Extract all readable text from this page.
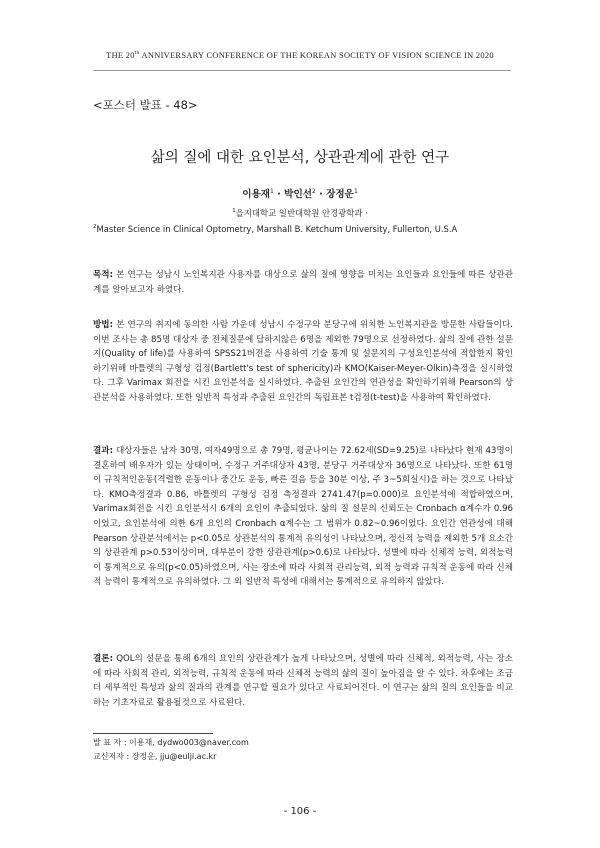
THE 20th ANNIVERSARY CONFERENCE OF THE KOREAN SOCIETY OF VISION SCIENCE IN 2020
<포스터 발표 - 48>
삶의 질에 대한 요인분석, 상관관계에 관한 연구
이용재$^1$ · 박인선$^2$ · 장정운$^1$
$^1$을지대학교 일반대학원 안경광학과 ·
$^2$Master Science in Clinical Optometry, Marshall B. Ketchum University, Fullerton, U.S.A
목적: 본 연구는 성남시 노인복지관 사용자를 대상으로 삶의 질에 영향을 미치는 요인들과 요인들에 따른 상관관계를 알아보고자 하였다.
방법: 본 연구의 취지에 동의한 사람 가운데 성남시 수정구와 분당구에 위치한 노인복지관을 방문한 사람들이다. 이번 조사는 총 85명 대상자 중 전체질문에 답하지않은 6명을 제외한 79명으로 선정하였다. 삶의 질에 관한 설문지(Quality of life)를 사용하여 SPSS21버전을 사용하여 기술 통계 및 설문지의 구성요인분석에 적합한지 확인하기위해 바틀렛의 구형성 검정(Bartlett's test of sphericity)과 KMO(Kaiser-Meyer-Olkin)측정을 실시하였다. 그후 Varimax 회전을 시킨 요인분석을 실시하였다. 추출된 요인간의 연관성을 확인하기위해 Pearson의 상관분석을 사용하였다. 또한 일반적 특성과 추출된 요인간의 독립표본 t검정(t-test)을 사용하여 확인하였다.
결과: 대상자들은 남자 30명, 여자49명으로 총 79명, 평균나이는 72.62세(SD=9.25)로 나타났다 현재 43명이 결혼하여 배우자가 있는 상태이며, 수정구 거주대상자 43명, 분당구 거주대상자 36명으로 나타났다. 또한 61명이 규칙적인운동(격렬한 운동이나 중간도 운동, 빠른 걸음 등을 30분 이상, 주 3~5회실시)을 하는 것으로 나타났다. KMO측정결과 0.86, 바틀렛의 구형성 검정 측정결과 2741.47(p=0.000)로 요인분석에 적합하였으며, Varimax회전을 시킨 요인분석시 6개의 요인이 추출되었다. 삶의 질 설문의 신뢰도는 Cronbach α계수가 0.96이었고, 요인분석에 의한 6개 요인의 Cronbach α계수는 그 범위가 0.82~0.96이었다. 요인간 연관성에 대해 Pearson 상관분석에서는 p<0.05로 상관분석의 통계적 유의성이 나타났으며, 정신적 능력을 제외한 5개 요소간의 상관관계 p>0.53이상이며, 대부분이 강한 상관관계(p>0.6)로 나타났다. 성별에 따라 신체적 능력, 외적능력이 통계적으로 유의(p<0.05)하였으며, 사는 장소에 따라 사회적 관리능력, 외적 능력과 규칙적 운동에 따라 신체적 능력이 통계적으로 유의하였다. 그 외 일반적 특성에 대해서는 통계적으로 유의하지 않았다.
결론: QOL의 설문을 통해 6개의 요인의 상관관계가 높게 나타났으며, 성별에 따라 신체적, 외적능력, 사는 장소에 따라 사회적 관리, 외적능력, 규칙적 운동에 따라 신체적 능력의 삶의 질이 높아짐을 알 수 있다. 차후에는 조금 더 세부적인 특성과 삶의 질과의 관계를 연구할 필요가 있다고 사료되어진다. 이 연구는 삶의 질의 요인들을 비교하는 기초자료로 활용될것으로 사료된다.
발 표 자 : 이용재, dydwo003@naver.com
교신저자 : 장정운, jju@eulji.ac.kr
- 106 -
